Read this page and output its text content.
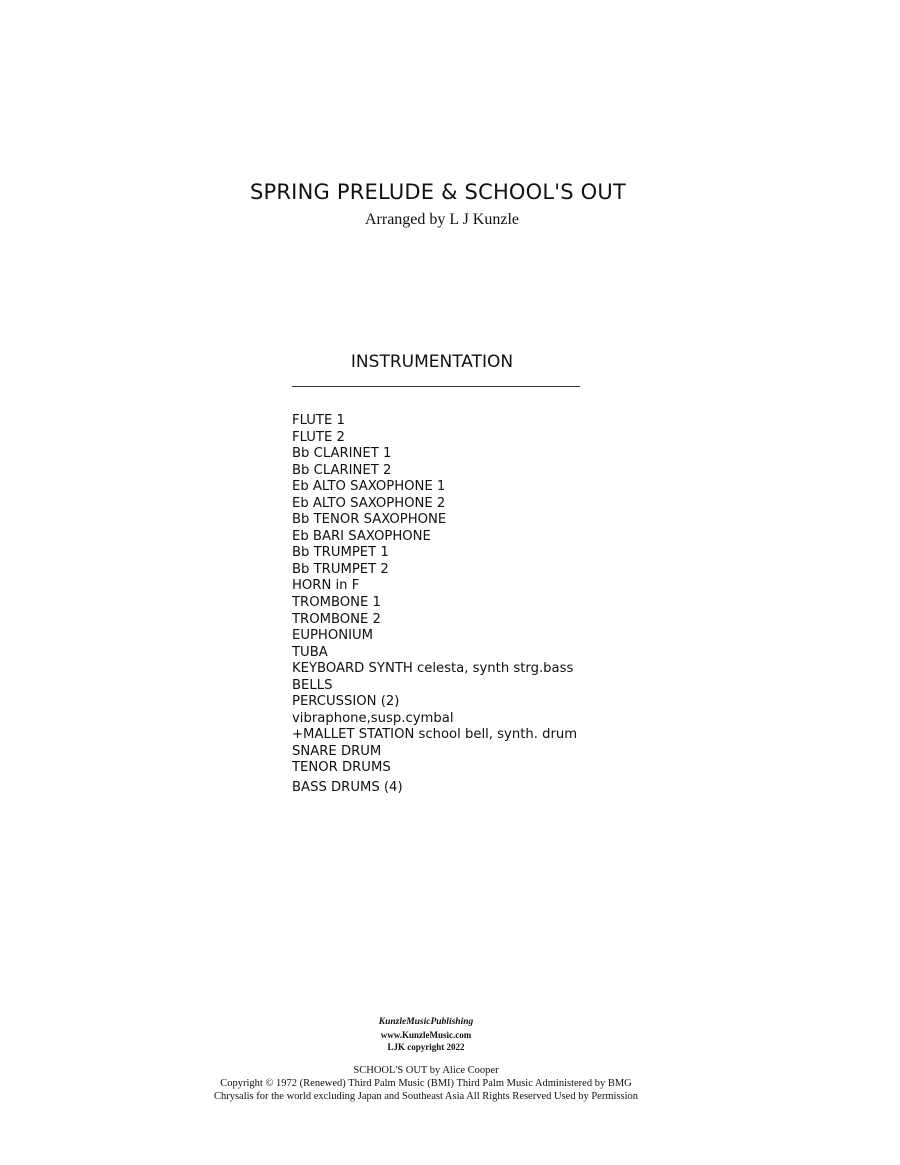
SPRING PRELUDE & SCHOOL'S OUT
Arranged by L J Kunzle
INSTRUMENTATION
FLUTE 1
FLUTE 2
Bb CLARINET 1
Bb CLARINET 2
Eb ALTO SAXOPHONE 1
Eb ALTO SAXOPHONE 2
Bb TENOR SAXOPHONE
Eb BARI SAXOPHONE
Bb TRUMPET 1
Bb TRUMPET 2
HORN in F
TROMBONE 1
TROMBONE 2
EUPHONIUM
TUBA
KEYBOARD SYNTH celesta, synth strg.bass
BELLS
PERCUSSION (2)
vibraphone,susp.cymbal
+MALLET STATION school bell, synth. drum
SNARE DRUM
TENOR DRUMS
BASS DRUMS (4)
KunzleMusicPublishing
www.KunzleMusic.com
LJK copyright 2022
SCHOOL'S OUT by Alice Cooper
Copyright © 1972 (Renewed) Third Palm Music (BMI) Third Palm Music Administered by BMG
Chrysalis for the world excluding Japan and Southeast Asia All Rights Reserved Used by Permission
